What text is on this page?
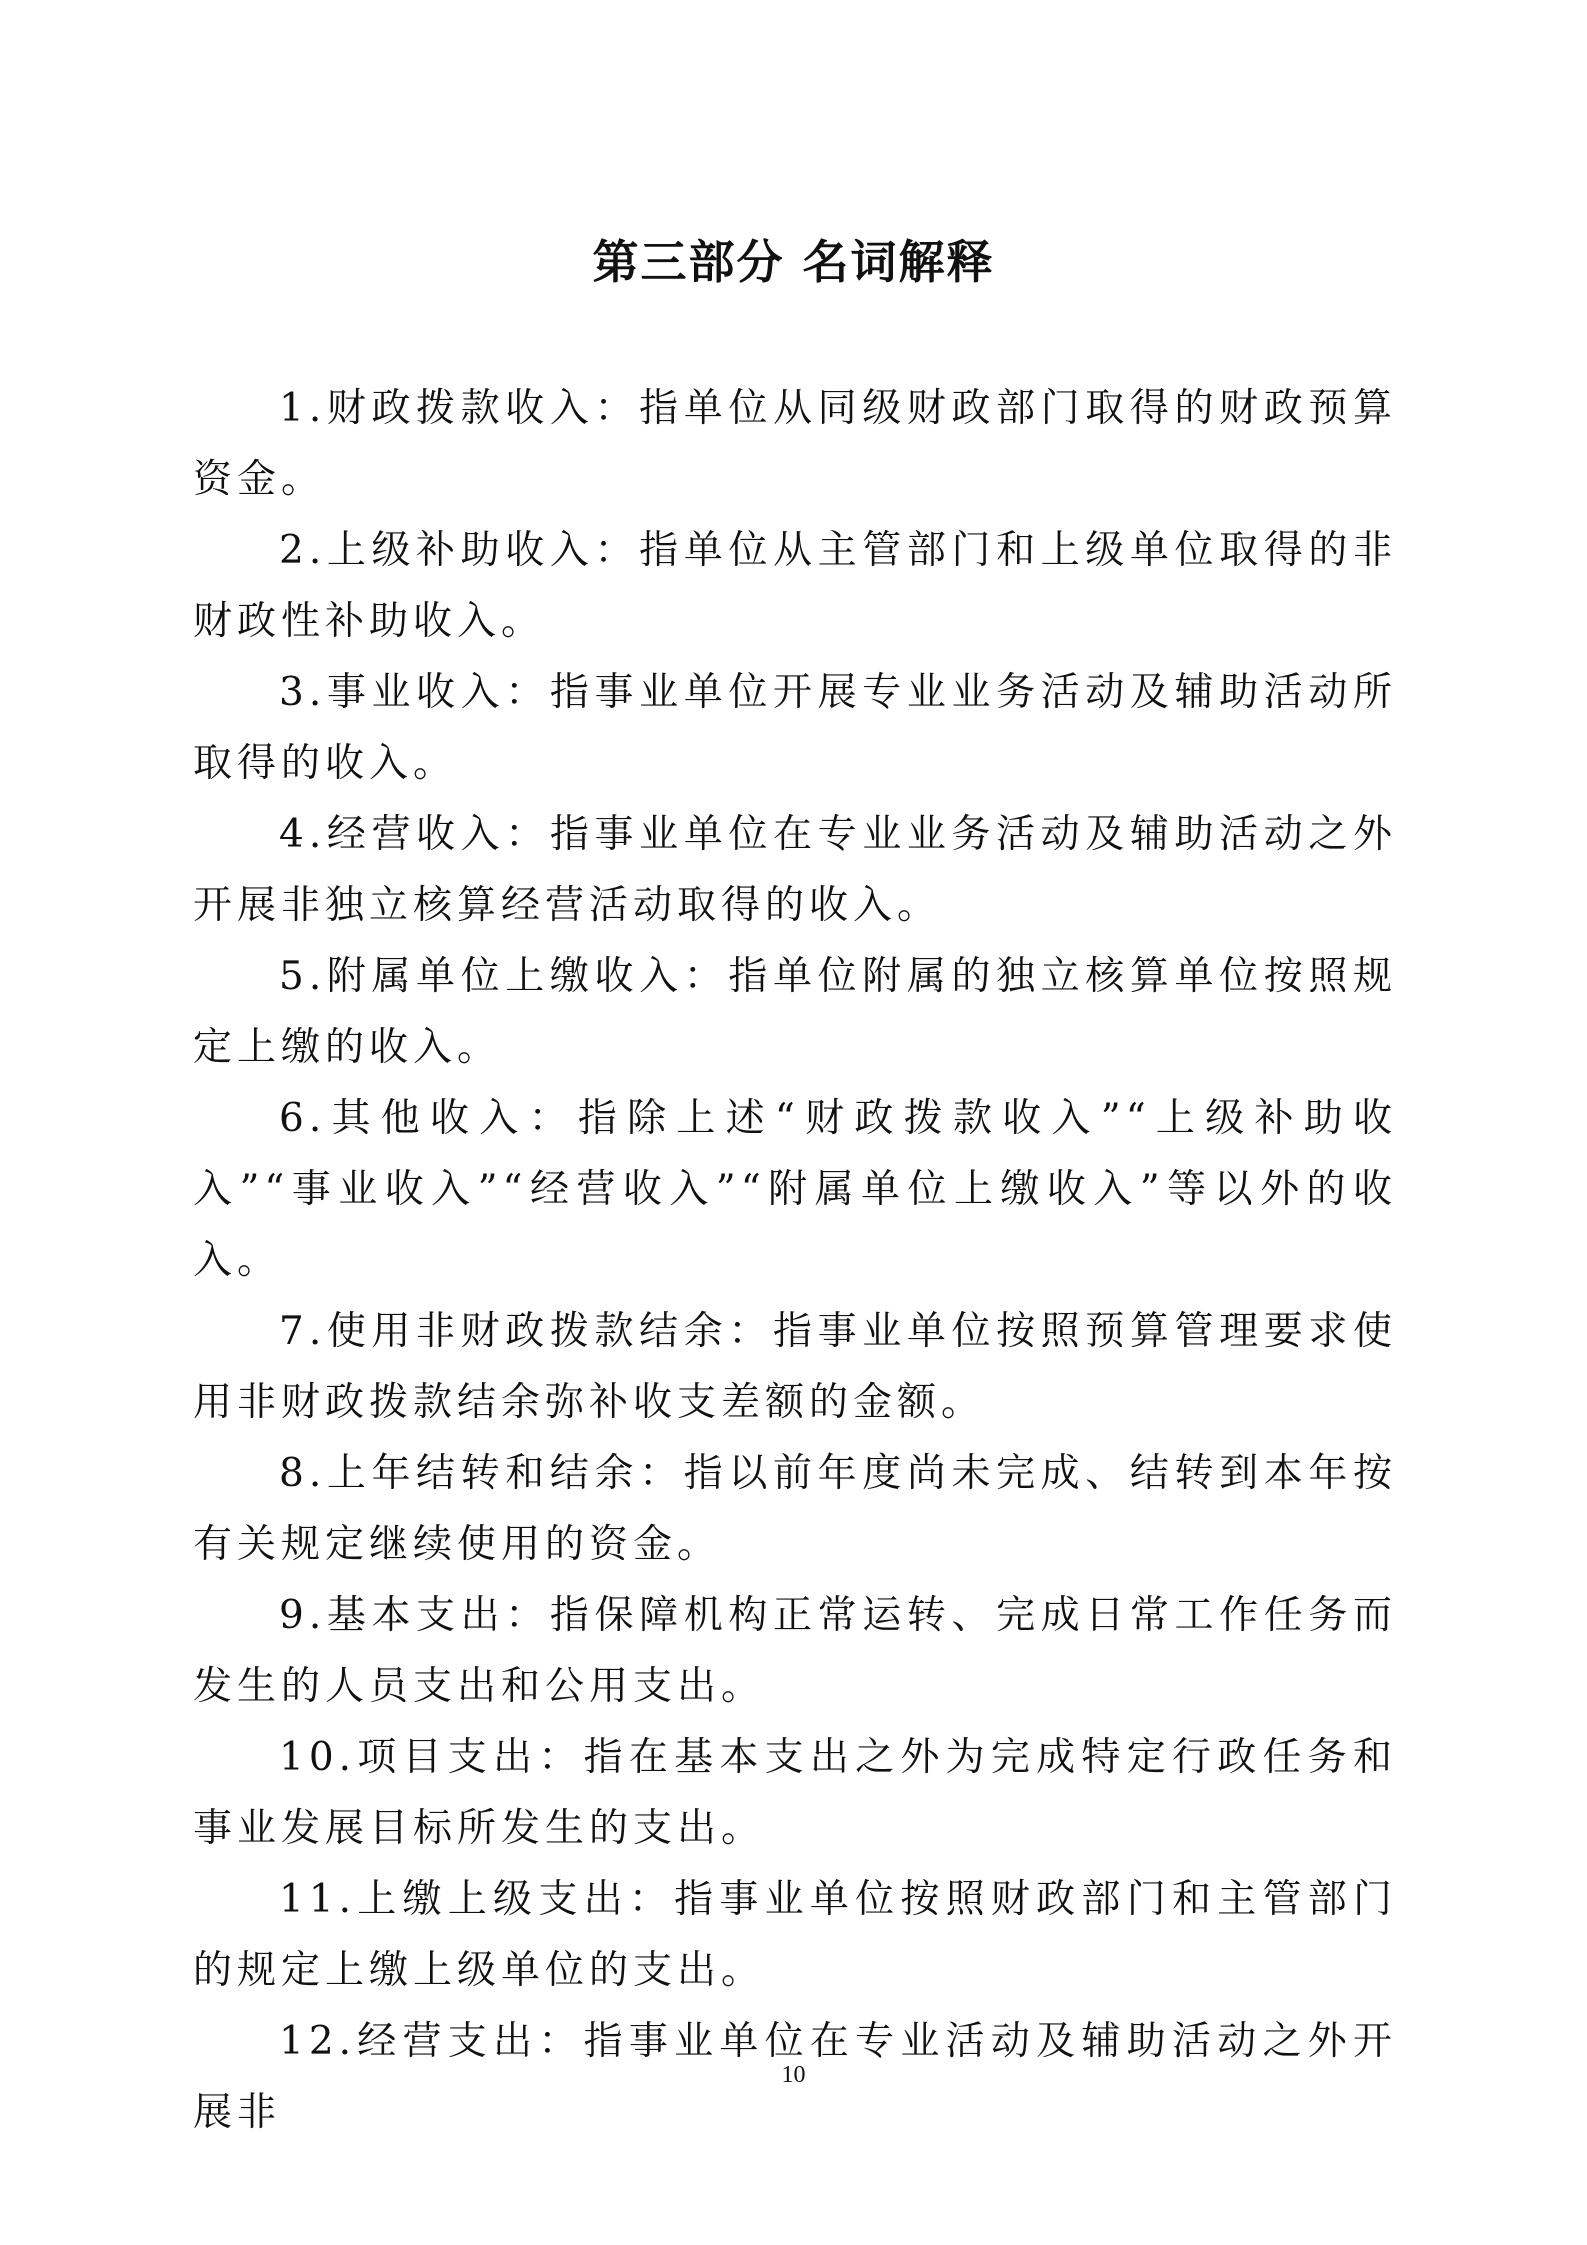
第三部分 名词解释

1.财政拨款收入：指单位从同级财政部门取得的财政预算资金。

2.上级补助收入：指单位从主管部门和上级单位取得的非财政性补助收入。

3.事业收入：指事业单位开展专业业务活动及辅助活动所取得的收入。

4.经营收入：指事业单位在专业业务活动及辅助活动之外开展非独立核算经营活动取得的收入。

5.附属单位上缴收入：指单位附属的独立核算单位按照规定上缴的收入。

6.其他收入：指除上述“财政拨款收入”“上级补助收入”“事业收入”“经营收入”“附属单位上缴收入”等以外的收入。

7.使用非财政拨款结余：指事业单位按照预算管理要求使用非财政拨款结余弥补收支差额的金额。

8.上年结转和结余：指以前年度尚未完成、结转到本年按有关规定继续使用的资金。

9.基本支出：指保障机构正常运转、完成日常工作任务而发生的人员支出和公用支出。

10.项目支出：指在基本支出之外为完成特定行政任务和事业发展目标所发生的支出。

11.上缴上级支出：指事业单位按照财政部门和主管部门的规定上缴上级单位的支出。

12.经营支出：指事业单位在专业活动及辅助活动之外开展非

10
